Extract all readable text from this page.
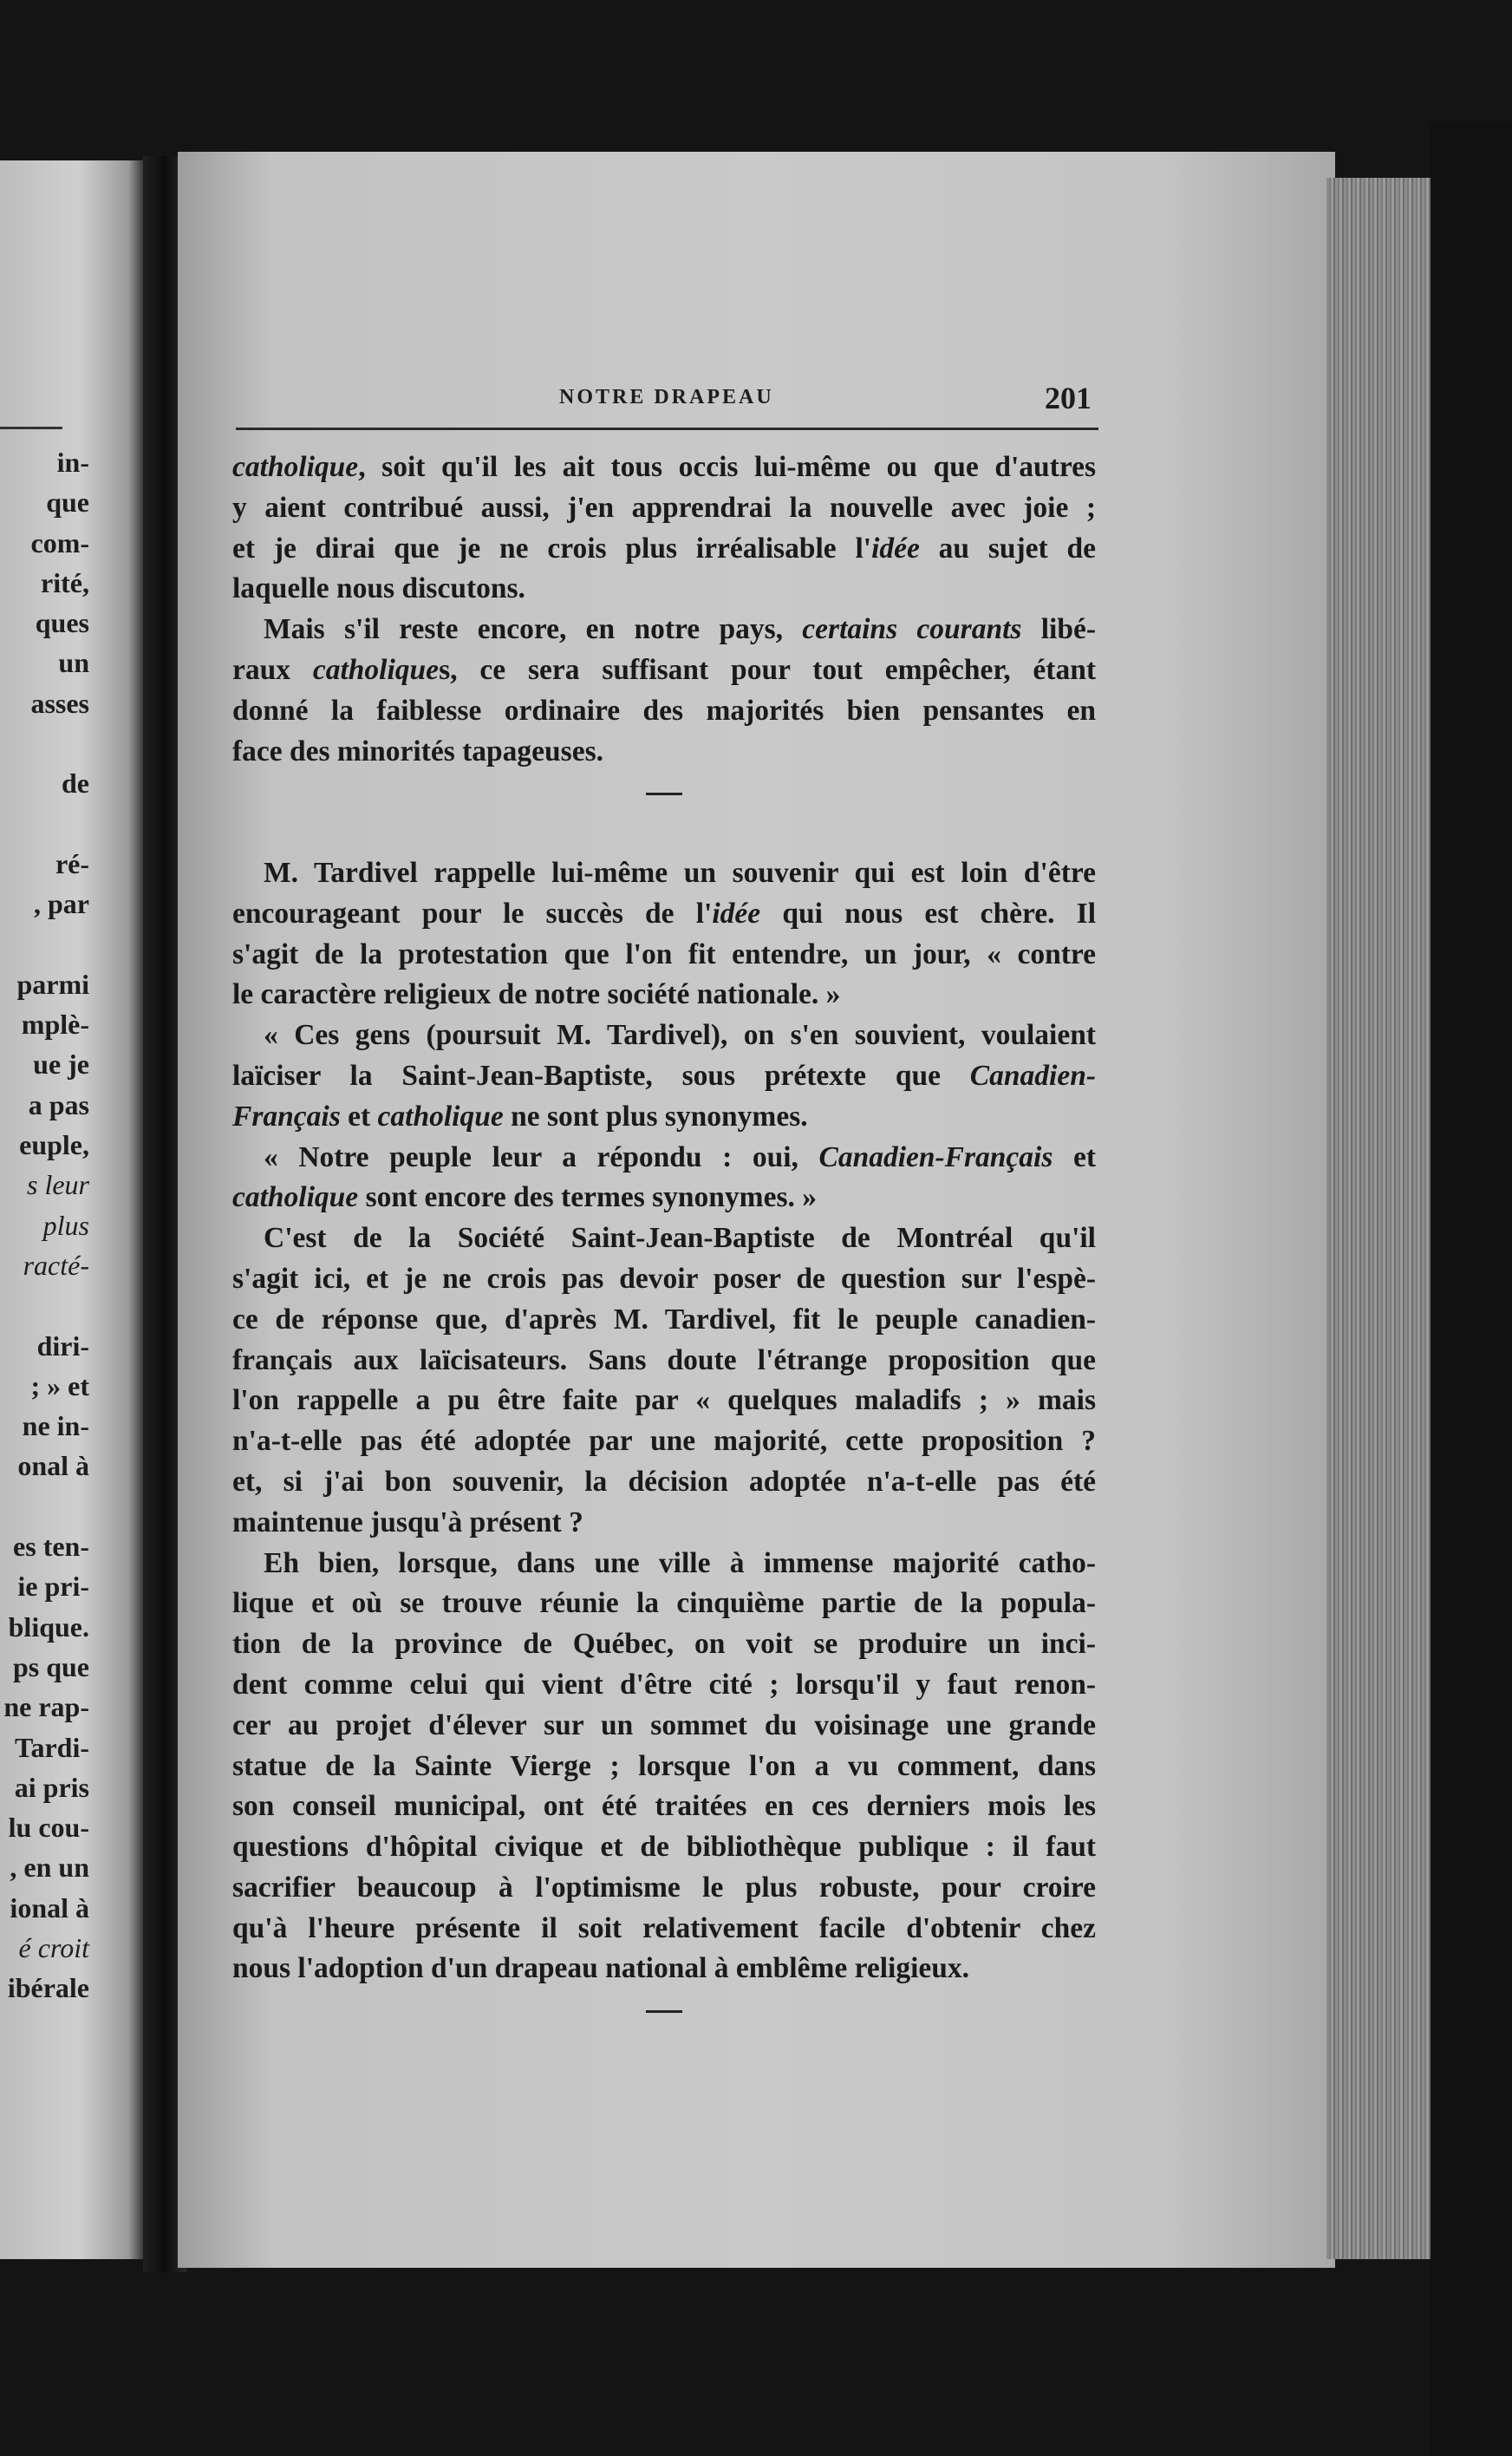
in-
que
com-
rité,
ques
un
asses
de
ré-
, par
parmi
mplè-
ue je
a pas
euple,
s leur
plus
racté-
diri-
; » et
ne in-
onal à
es ten-
ie pri-
blique.
ps que
ne rap-
Tardi-
ai pris
lu cou-
, en un
ional à
é croit
ibérale
NOTRE DRAPEAU	201
catholique, soit qu'il les ait tous occis lui-même ou que d'autres
y aient contribué aussi, j'en apprendrai la nouvelle avec joie ;
et je dirai que je ne crois plus irréalisable l'idée au sujet de
laquelle nous discutons.
Mais s'il reste encore, en notre pays, certains courants libé-
raux catholiques, ce sera suffisant pour tout empêcher, étant
donné la faiblesse ordinaire des majorités bien pensantes en
face des minorités tapageuses.
M. Tardivel rappelle lui-même un souvenir qui est loin d'être
encourageant pour le succès de l'idée qui nous est chère. Il
s'agit de la protestation que l'on fit entendre, un jour, « contre
le caractère religieux de notre société nationale. »
« Ces gens (poursuit M. Tardivel), on s'en souvient, voulaient
laïciser la Saint-Jean-Baptiste, sous prétexte que Canadien-
Français et catholique ne sont plus synonymes.
« Notre peuple leur a répondu : oui, Canadien-Français et
catholique sont encore des termes synonymes. »
C'est de la Société Saint-Jean-Baptiste de Montréal qu'il
s'agit ici, et je ne crois pas devoir poser de question sur l'espè-
ce de réponse que, d'après M. Tardivel, fit le peuple canadien-
français aux laïcisateurs. Sans doute l'étrange proposition que
l'on rappelle a pu être faite par « quelques maladifs ; » mais
n'a-t-elle pas été adoptée par une majorité, cette proposition ?
et, si j'ai bon souvenir, la décision adoptée n'a-t-elle pas été
maintenue jusqu'à présent ?
Eh bien, lorsque, dans une ville à immense majorité catho-
lique et où se trouve réunie la cinquième partie de la popula-
tion de la province de Québec, on voit se produire un inci-
dent comme celui qui vient d'être cité ; lorsqu'il y faut renon-
cer au projet d'élever sur un sommet du voisinage une grande
statue de la Sainte Vierge ; lorsque l'on a vu comment, dans
son conseil municipal, ont été traitées en ces derniers mois les
questions d'hôpital civique et de bibliothèque publique : il faut
sacrifier beaucoup à l'optimisme le plus robuste, pour croire
qu'à l'heure présente il soit relativement facile d'obtenir chez
nous l'adoption d'un drapeau national à emblême religieux.
